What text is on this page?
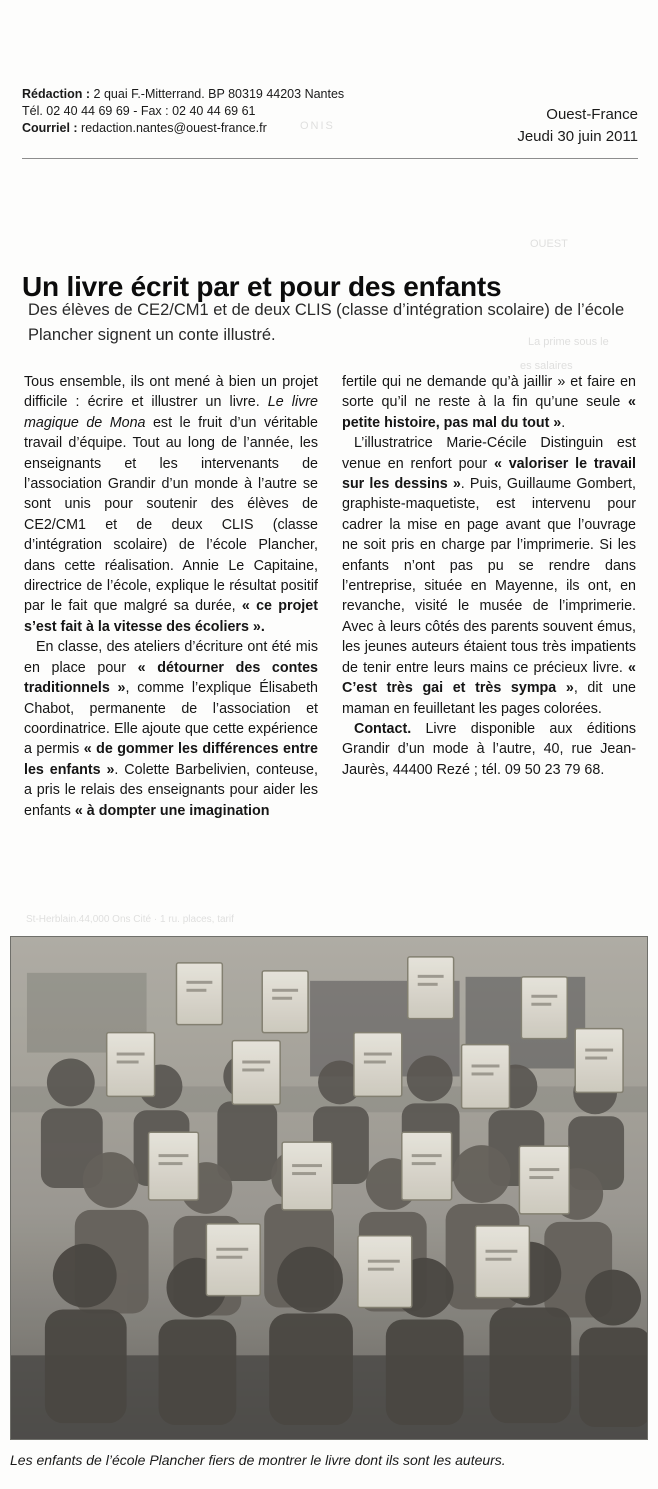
ONIS
OUEST
La prime sous le
es salaires
St-Herblain.44,000 Ons Cité · 1 ru. places, tarif
Rédaction : 2 quai F.-Mitterrand. BP 80319 44203 Nantes
Tél. 02 40 44 69 69 - Fax : 02 40 44 69 61
Courriel : redaction.nantes@ouest-france.fr
Ouest-France
Jeudi 30 juin 2011
Un livre écrit par et pour des enfants
Des élèves de CE2/CM1 et de deux CLIS (classe d’intégration scolaire) de l’école Plancher signent un conte illustré.

Tous ensemble, ils ont mené à bien un projet difficile : écrire et illustrer un livre. Le livre magique de Mona est le fruit d’un véritable travail d’équipe. Tout au long de l’année, les enseignants et les intervenants de l’association Grandir d’un monde à l’autre se sont unis pour soutenir des élèves de CE2/CM1 et de deux CLIS (classe d’intégration scolaire) de l’école Plancher, dans cette réalisation. Annie Le Capitaine, directrice de l’école, explique le résultat positif par le fait que malgré sa durée, « ce projet s’est fait à la vitesse des écoliers ».

En classe, des ateliers d’écriture ont été mis en place pour « détourner des contes traditionnels », comme l’explique Élisabeth Chabot, permanente de l’association et coordinatrice. Elle ajoute que cette expérience a permis « de gommer les différences entre les enfants ». Colette Barbelivien, conteuse, a pris le relais des enseignants pour aider les enfants « à dompter une imagination

fertile qui ne demande qu’à jaillir » et faire en sorte qu’il ne reste à la fin qu’une seule « petite histoire, pas mal du tout ».

L’illustratrice Marie-Cécile Distinguin est venue en renfort pour « valoriser le travail sur les dessins ». Puis, Guillaume Gombert, graphiste-maquetiste, est intervenu pour cadrer la mise en page avant que l’ouvrage ne soit pris en charge par l’imprimerie. Si les enfants n’ont pas pu se rendre dans l’entreprise, située en Mayenne, ils ont, en revanche, visité le musée de l’imprimerie. Avec à leurs côtés des parents souvent émus, les jeunes auteurs étaient tous très impatients de tenir entre leurs mains ce précieux livre. « C’est très gai et très sympa », dit une maman en feuilletant les pages colorées.

Contact. Livre disponible aux éditions Grandir d’un mode à l’autre, 40, rue Jean-Jaurès, 44400 Rezé ; tél. 09 50 23 79 68.

Les enfants de l’école Plancher fiers de montrer le livre dont ils sont les auteurs.
